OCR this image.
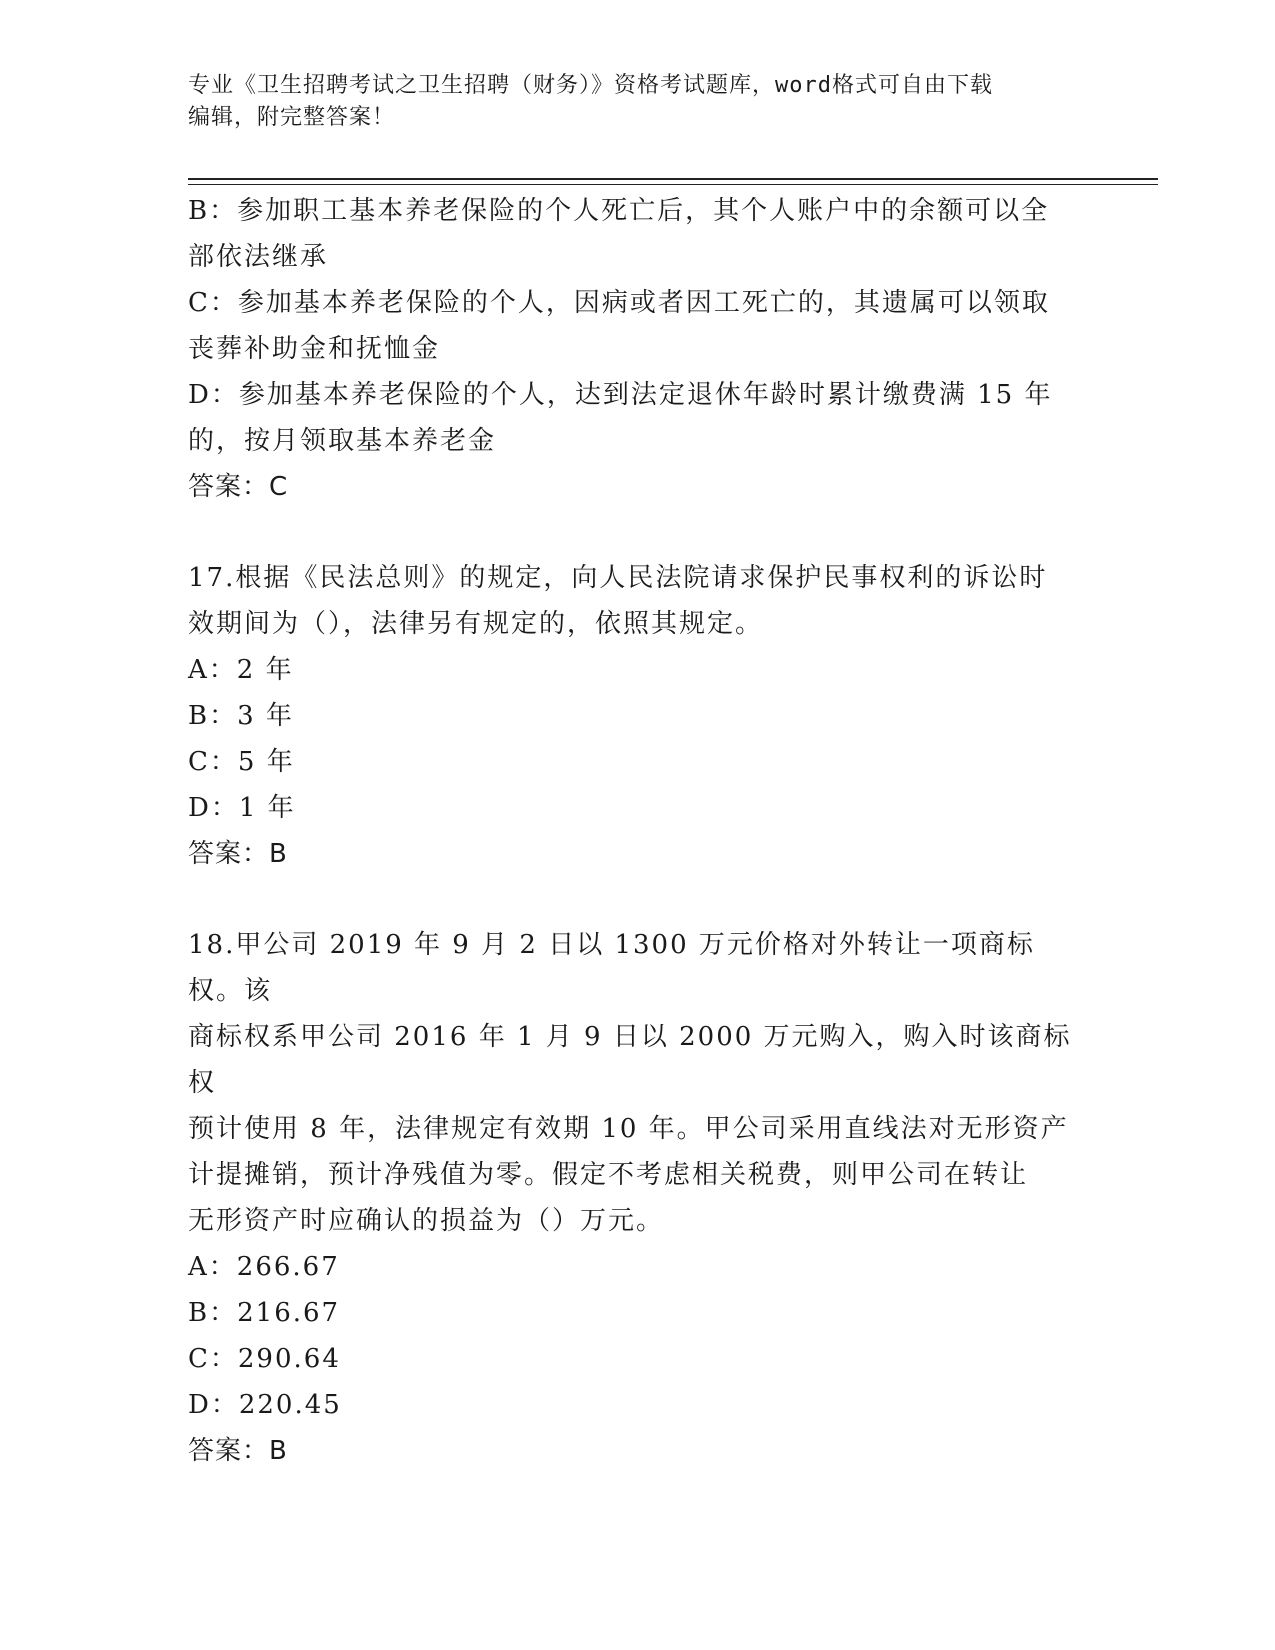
专业《卫生招聘考试之卫生招聘（财务）》资格考试题库，word格式可自由下载
编辑，附完整答案！
B：参加职工基本养老保险的个人死亡后，其个人账户中的余额可以全
部依法继承
C：参加基本养老保险的个人，因病或者因工死亡的，其遗属可以领取
丧葬补助金和抚恤金
D：参加基本养老保险的个人，达到法定退休年龄时累计缴费满 15 年
的，按月领取基本养老金
答案：C
17.根据《民法总则》的规定，向人民法院请求保护民事权利的诉讼时
效期间为（），法律另有规定的，依照其规定。
A：2 年
B：3 年
C：5 年
D：1 年
答案：B
18.甲公司 2019 年 9 月 2 日以 1300 万元价格对外转让一项商标权。该
商标权系甲公司 2016 年 1 月 9 日以 2000 万元购入，购入时该商标权
预计使用 8 年，法律规定有效期 10 年。甲公司采用直线法对无形资产
计提摊销，预计净残值为零。假定不考虑相关税费，则甲公司在转让
无形资产时应确认的损益为（）万元。
A：266.67
B：216.67
C：290.64
D：220.45
答案：B
